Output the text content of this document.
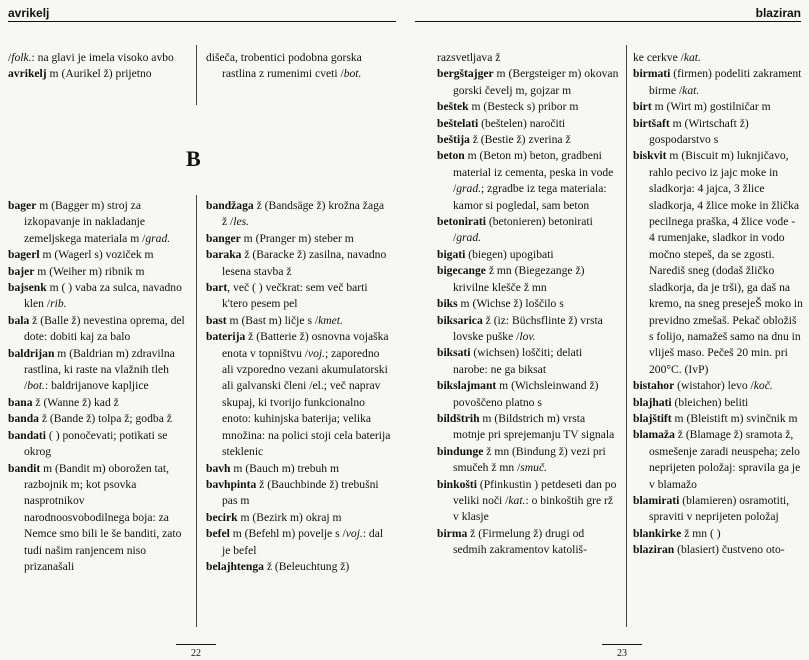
avrikelj

/folk.: na glavi je imela visoko avbo

avrikelj m (Aurikel ž) prijetno

dišeča, trobentici podobna gorska rastlina z rumenimi cveti /bot.

B

bager m (Bagger m) stroj za izkopavanje in nakladanje zemeljskega materiala m /grad.

bagerl m (Wagerl s) voziček m

bajer m (Weiher m) ribnik m

bajsenk m ( ) vaba za sulca, navadno klen /rib.

bala ž (Balle ž) nevestina oprema, del dote: dobiti kaj za balo

baldrijan m (Baldrian m) zdravilna rastlina, ki raste na vlažnih tleh /bot.: baldrijanove kapljice

bana ž (Wanne ž) kad ž

banda ž (Bande ž) tolpa ž; godba ž

bandati ( ) ponočevati; potikati se okrog

bandit m (Bandit m) oborožen tat, razbojnik m; kot psovka nasprotnikov narodnoosvobodilnega boja: za Nemce smo bili le še banditi, zato tudi našim ranjencem niso prizanašali

bandžaga ž (Bandsäge ž) krožna žaga ž /les.

banger m (Pranger m) steber m

baraka ž (Baracke ž) zasilna, navadno lesena stavba ž

bart, več ( ) večkrat: sem več barti k'tero pesem pel

bast m (Bast m) ličje s /kmet.

baterija ž (Batterie ž) osnovna vojaška enota v topništvu /voj.; zaporedno ali vzporedno vezani akumulatorski ali galvanski členi /el.; več naprav skupaj, ki tvorijo funkcionalno enoto: kuhinjska baterija; velika množina: na polici stoji cela baterija steklenic

bavh m (Bauch m) trebuh m

bavhpinta ž (Bauchbinde ž) trebušni pas m

becirk m (Bezirk m) okraj m

befel m (Befehl m) povelje s /voj.: dal je befel

belajhtenga ž (Beleuchtung ž)

22
blaziran

razsvetljava ž

bergštajger m (Bergsteiger m) okovan gorski čevelj m, gojzar m

beštek m (Besteck s) pribor m

beštelati (beštelen) naročiti

beštija ž (Bestie ž) zverina ž

beton m (Beton m) beton, gradbeni material iz cementa, peska in vode /grad.; zgradbe iz tega materiala: kamor si pogledal, sam beton

betonirati (betonieren) betonirati /grad.

bigati (biegen) upogibati

bigecange ž mn (Biegezange ž) krivilne klešče ž mn

biks m (Wichse ž) loščilo s

biksarica ž (iz: Büchsflinte ž) vrsta lovske puške /lov.

biksati (wichsen) loščiti; delati narobe: ne ga biksat

bikslajmant m (Wichsleinwand ž) povoščeno platno s

bildštrih m (Bildstrich m) vrsta motnje pri sprejemanju TV signala

bindunge ž mn (Bindung ž) vezi pri smučeh ž mn /smuč.

binkošti (Pfinkustin ) petdeseti dan po veliki noči /kat.: o binkoštih gre rž v klasje

birma ž (Firmelung ž) drugi od sedmih zakramentov katoliš-

ke cerkve /kat.

birmati (firmen) podeliti zakrament birme /kat.

birt m (Wirt m) gostilničar m

birtšaft m (Wirtschaft ž) gospodarstvo s

biskvit m (Biscuit m) luknjičavo, rahlo pecivo iz jajc moke in sladkorja: 4 jajca, 3 žlice sladkorja, 4 žlice moke in žlička pecilnega praška, 4 žlice vode - 4 rumenjake, sladkor in vodo močno stepeš, da se zgosti. Narediš sneg (dodaš žličko sladkorja, da je trši), ga daš na kremo, na sneg presejeŠ moko in previdno zmešaš. Pekač obložiš s folijo, namažeš samo na dnu in vliješ maso. Pečeš 20 min. pri 200°C. (IvP)

bistahor (wistahor) levo /koč.

blajhati (bleichen) beliti

blajštift m (Bleistift m) svinčnik m

blamaža ž (Blamage ž) sramota ž, osmešenje zaradi neuspeha; zelo neprijeten položaj: spravila ga je v blamažo

blamirati (blamieren) osramotiti, spraviti v neprijeten položaj

blankirke ž mn ( )

blaziran (blasiert) čustveno oto-

23
